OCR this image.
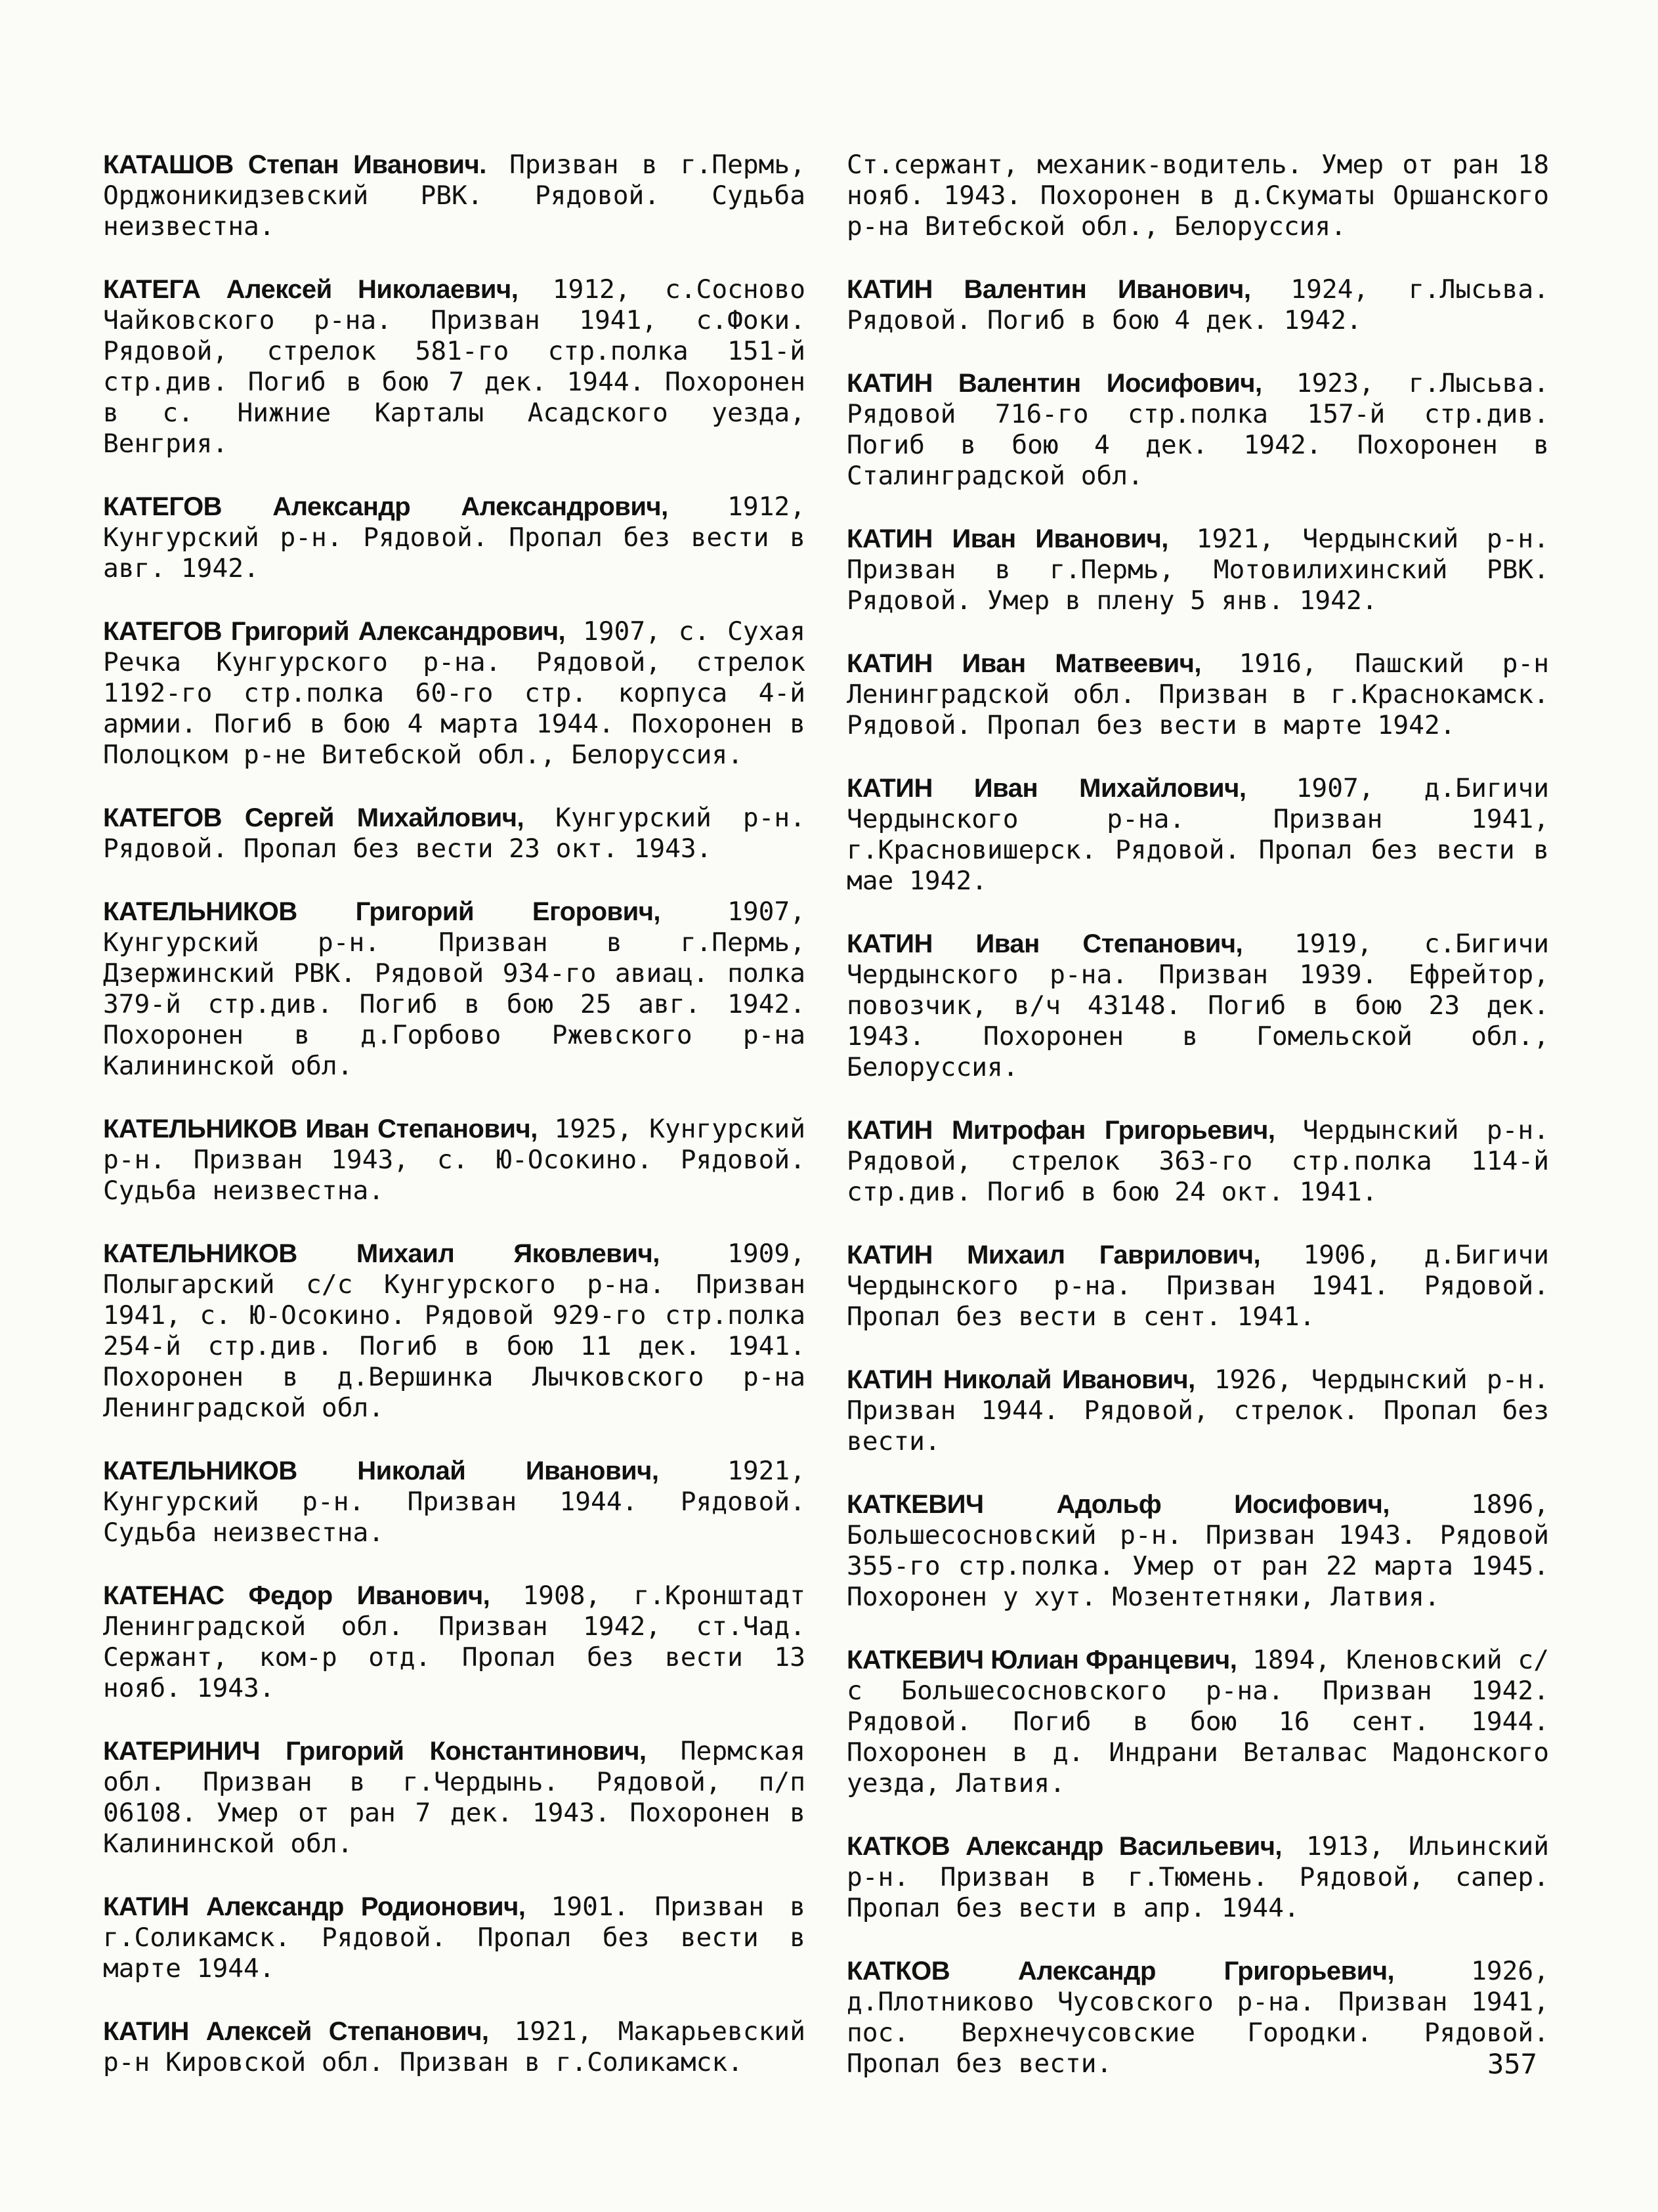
КАТАШОВ Степан Иванович. Призван в г.Пермь, Орджоникидзевский РВК. Рядовой. Судьба неизвестна.

КАТЕГА Алексей Николаевич, 1912, с.Сосново Чайковского р-на. Призван 1941, с.Фоки. Рядовой, стрелок 581-го стр.полка 151-й стр.див. Погиб в бою 7 дек. 1944. Похоронен в с. Нижние Карталы Асадского уезда, Венгрия.

КАТЕГОВ Александр Александрович, 1912, Кунгурский р-н. Рядовой. Пропал без вести в авг. 1942.

КАТЕГОВ Григорий Александрович, 1907, с. Сухая Речка Кунгурского р-на. Рядовой, стрелок 1192-го стр.полка 60-го стр. корпуса 4-й армии. Погиб в бою 4 марта 1944. Похоронен в Полоцком р-не Витебской обл., Белоруссия.

КАТЕГОВ Сергей Михайлович, Кунгурский р-н. Рядовой. Пропал без вести 23 окт. 1943.

КАТЕЛЬНИКОВ Григорий Егорович, 1907, Кунгурский р-н. Призван в г.Пермь, Дзержинский РВК. Рядовой 934-го авиац. полка 379-й стр.див. Погиб в бою 25 авг. 1942. Похоронен в д.Горбово Ржевского р-на Калининской обл.

КАТЕЛЬНИКОВ Иван Степанович, 1925, Кунгурский р-н. Призван 1943, с. Ю-Осокино. Рядовой. Судьба неизвестна.

КАТЕЛЬНИКОВ Михаил Яковлевич, 1909, Полыгарский с/с Кунгурского р-на. Призван 1941, с. Ю-Осокино. Рядовой 929-го стр.полка 254-й стр.див. Погиб в бою 11 дек. 1941. Похоронен в д.Вершинка Лычковского р-на Ленинградской обл.

КАТЕЛЬНИКОВ Николай Иванович, 1921, Кунгурский р-н. Призван 1944. Рядовой. Судьба неизвестна.

КАТЕНАС Федор Иванович, 1908, г.Кронштадт Ленинградской обл. Призван 1942, ст.Чад. Сержант, ком-р отд. Пропал без вести 13 нояб. 1943.

КАТЕРИНИЧ Григорий Константинович, Пермская обл. Призван в г.Чердынь. Рядовой, п/п 06108. Умер от ран 7 дек. 1943. Похоронен в Калининской обл.

КАТИН Александр Родионович, 1901. Призван в г.Соликамск. Рядовой. Пропал без вести в марте 1944.

КАТИН Алексей Степанович, 1921, Макарьевский р-н Кировской обл. Призван в г.Соликамск.

Ст.сержант, механик-водитель. Умер от ран 18 нояб. 1943. Похоронен в д.Скуматы Оршанского р-на Витебской обл., Белоруссия.

КАТИН Валентин Иванович, 1924, г.Лысьва. Рядовой. Погиб в бою 4 дек. 1942.

КАТИН Валентин Иосифович, 1923, г.Лысьва. Рядовой 716-го стр.полка 157-й стр.див. Погиб в бою 4 дек. 1942. Похоронен в Сталинградской обл.

КАТИН Иван Иванович, 1921, Чердынский р-н. Призван в г.Пермь, Мотовилихинский РВК. Рядовой. Умер в плену 5 янв. 1942.

КАТИН Иван Матвеевич, 1916, Пашский р-н Ленинградской обл. Призван в г.Краснокамск. Рядовой. Пропал без вести в марте 1942.

КАТИН Иван Михайлович, 1907, д.Бигичи Чердынского р-на. Призван 1941, г.Красновишерск. Рядовой. Пропал без вести в мае 1942.

КАТИН Иван Степанович, 1919, с.Бигичи Чердынского р-на. Призван 1939. Ефрейтор, повозчик, в/ч 43148. Погиб в бою 23 дек. 1943. Похоронен в Гомельской обл., Белоруссия.

КАТИН Митрофан Григорьевич, Чердынский р-н. Рядовой, стрелок 363-го стр.полка 114-й стр.див. Погиб в бою 24 окт. 1941.

КАТИН Михаил Гаврилович, 1906, д.Бигичи Чердынского р-на. Призван 1941. Рядовой. Пропал без вести в сент. 1941.

КАТИН Николай Иванович, 1926, Чердынский р-н. Призван 1944. Рядовой, стрелок. Пропал без вести.

КАТКЕВИЧ Адольф Иосифович, 1896, Большесосновский р-н. Призван 1943. Рядовой 355-го стр.полка. Умер от ран 22 марта 1945. Похоронен у хут. Мозентетняки, Латвия.

КАТКЕВИЧ Юлиан Францевич, 1894, Кленовский с/с Большесосновского р-на. Призван 1942. Рядовой. Погиб в бою 16 сент. 1944. Похоронен в д. Индрани Веталвас Мадонского уезда, Латвия.

КАТКОВ Александр Васильевич, 1913, Ильинский р-н. Призван в г.Тюмень. Рядовой, сапер. Пропал без вести в апр. 1944.

КАТКОВ Александр Григорьевич, 1926, д.Плотниково Чусовского р-на. Призван 1941, пос. Верхнечусовские Городки. Рядовой. Пропал без вести.	357
